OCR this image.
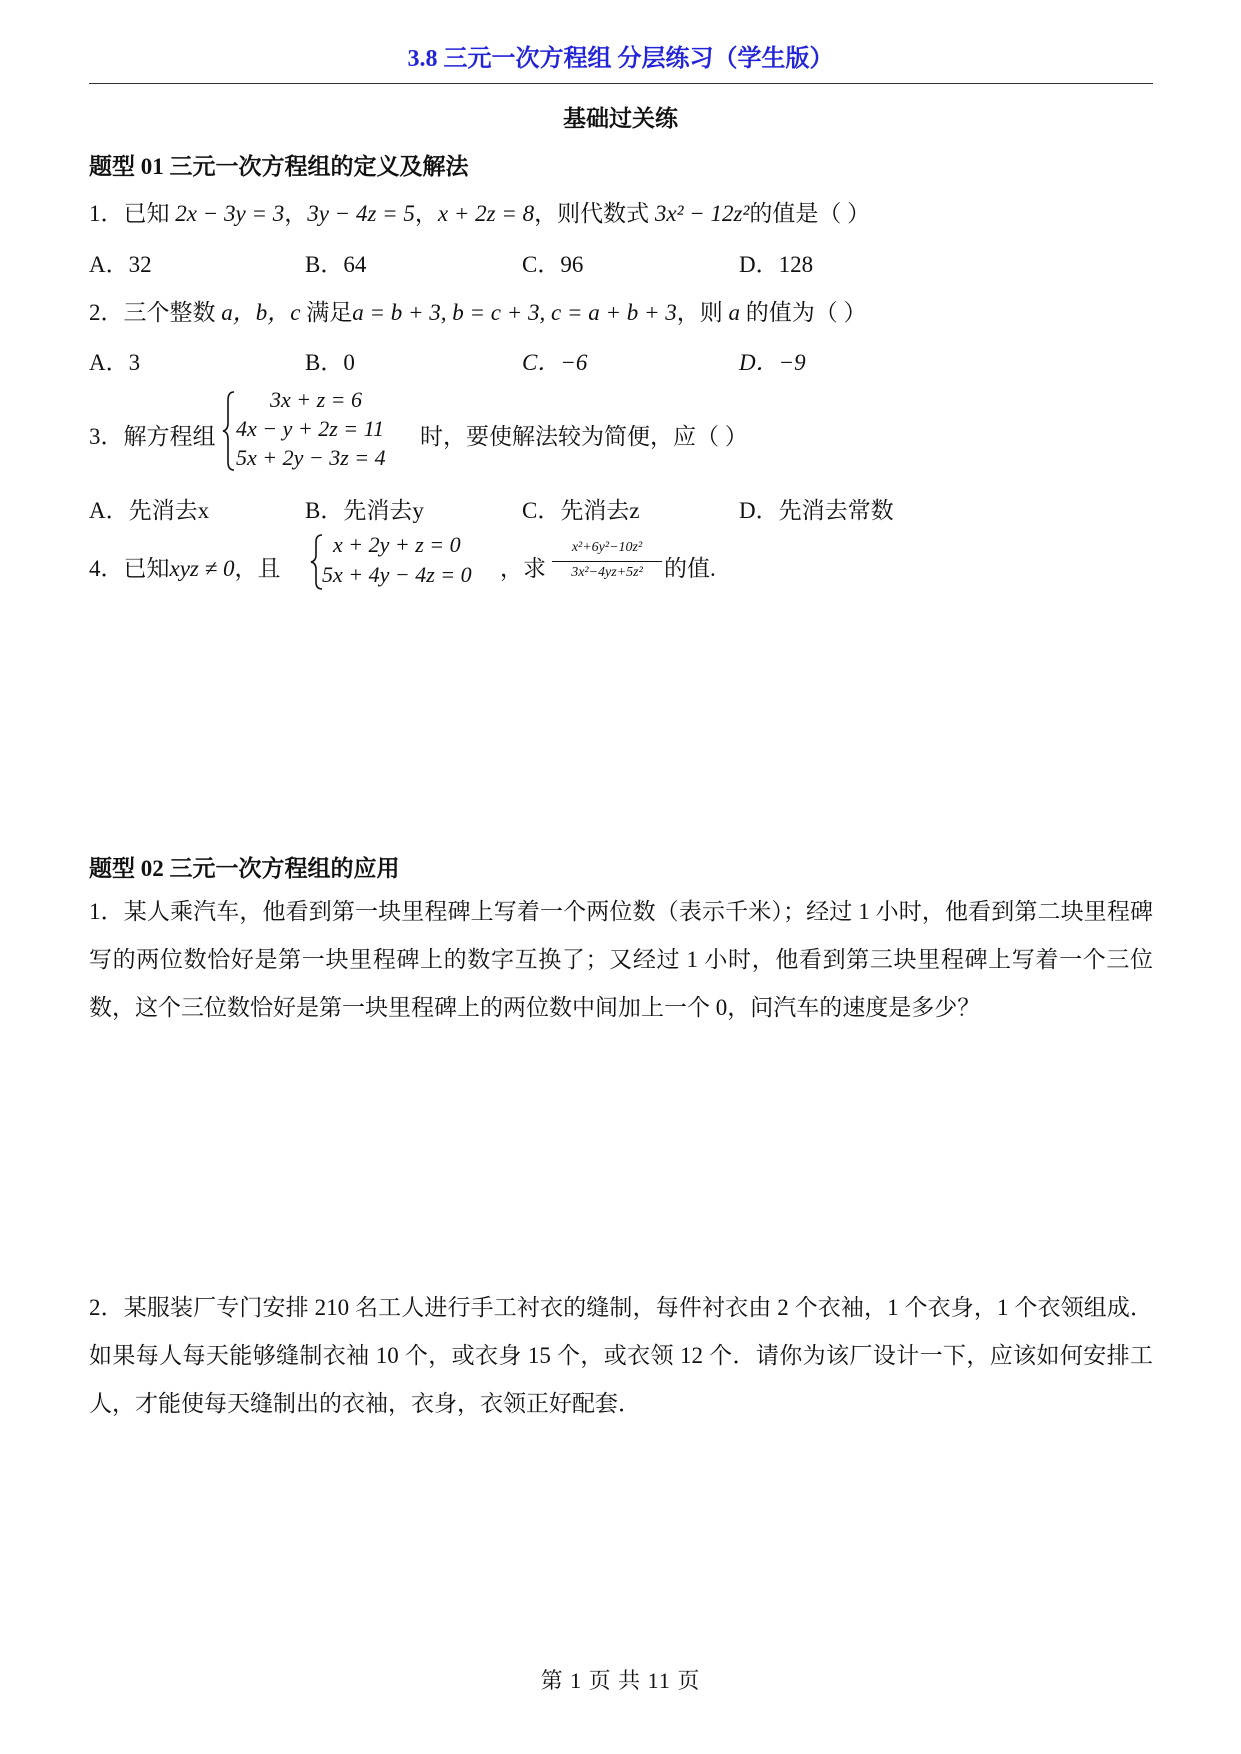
3.8 三元一次方程组 分层练习（学生版）
基础过关练
题型 01 三元一次方程组的定义及解法
1．已知 2x − 3y = 3，3y − 4z = 5，x + 2z = 8，则代数式 3x² − 12z²的值是（ ）
A．32	B．64	C．96	D．128
2．三个整数 a，b，c 满足a = b + 3, b = c + 3, c = a + b + 3，则 a 的值为（ ）
A．3	B．0	C．−6	D．−9
3．解方程组
3x + z = 6
4x − y + 2z = 11
5x + 2y − 3z = 4
时，要使解法较为简便，应（ ）
A．先消去x	B．先消去y	C．先消去z	D．先消去常数
4．已知xyz ≠ 0，且
x + 2y + z = 0
5x + 4y − 4z = 0 ，求
x²+6y²−10z²
3x²−4yz+5z² 的值.
题型 02 三元一次方程组的应用
1．某人乘汽车，他看到第一块里程碑上写着一个两位数（表示千米）；经过 1 小时，他看到第二块里程碑写的两位数恰好是第一块里程碑上的数字互换了；又经过 1 小时，他看到第三块里程碑上写着一个三位数，这个三位数恰好是第一块里程碑上的两位数中间加上一个 0，问汽车的速度是多少？
2．某服装厂专门安排 210 名工人进行手工衬衣的缝制，每件衬衣由 2 个衣袖，1 个衣身，1 个衣领组成．如果每人每天能够缝制衣袖 10 个，或衣身 15 个，或衣领 12 个．请你为该厂设计一下，应该如何安排工人，才能使每天缝制出的衣袖，衣身，衣领正好配套．
第 1 页 共 11 页
